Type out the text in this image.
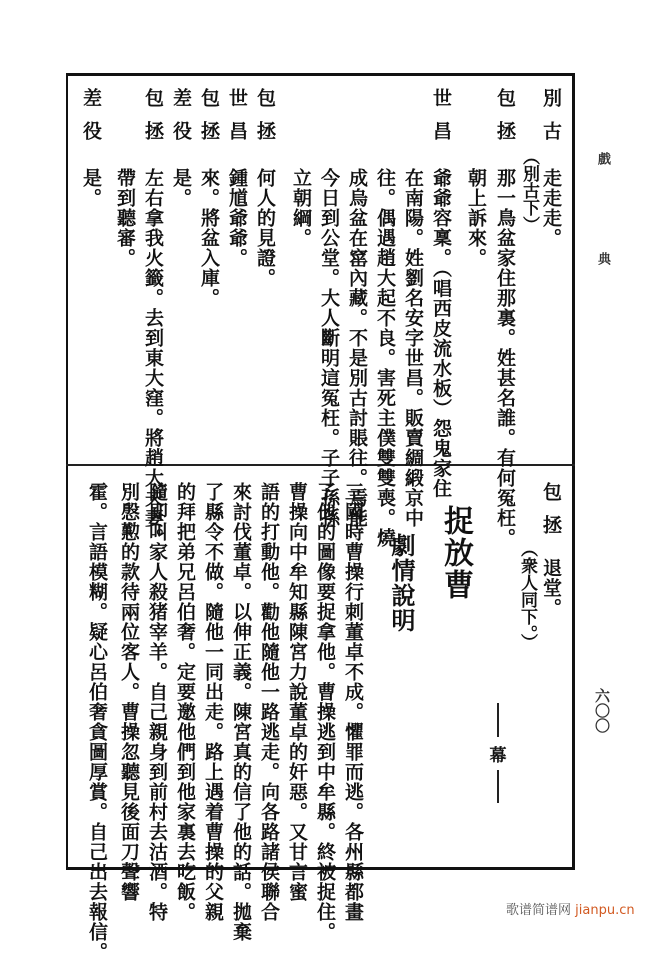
戲
典
六〇〇
別古
走走走。
（別古下）
包拯
那一鳥盆家住那裏。姓甚名誰。有何冤枉。
朝上訴來。
世昌
爺爺容稟。（唱西皮流水板）怨鬼家住
在南陽。姓劉名安字世昌。販賣綢緞京中
往。偶遇趙大起不良。害死主僕雙雙喪。燒
成烏盆在窰內藏。不是別古討賬往。焉能
今日到公堂。大人斷明這冤枉。子子孫孫
立朝綱。
包拯
何人的見證。
世昌
鍾馗爺爺。
包拯
來。將盆入庫。
差役
是。
包拯
左右拿我火籤。去到東大窪。將趙大夫妻。
帶到聽審。
差役
是。
包拯
退堂。
（衆人同下。）
幕
捉放曹
劇情說明
三國時曹操行刺董卓不成。懼罪而逃。各州縣都畫
了他的圖像要捉拿他。曹操逃到中牟縣。終被捉住。
曹操向中牟知縣陳宮力說董卓的奸惡。又甘言蜜
語的打動他。勸他隨他一路逃走。向各路諸侯聯合
來討伐董卓。以伸正義。陳宮真的信了他的話。拋棄
了縣令不做。隨他一同出走。路上遇着曹操的父親
的拜把弟兄呂伯奢。定要邀他們到他家裏去吃飯。
隨即叫家人殺猪宰羊。自己親身到前村去沽酒。特
別慇懃的款待兩位客人。曹操忽聽見後面刀聲響
霍。言語模糊。疑心呂伯奢貪圖厚賞。自己出去報信。	歌谱简谱网 jianpu.cn
